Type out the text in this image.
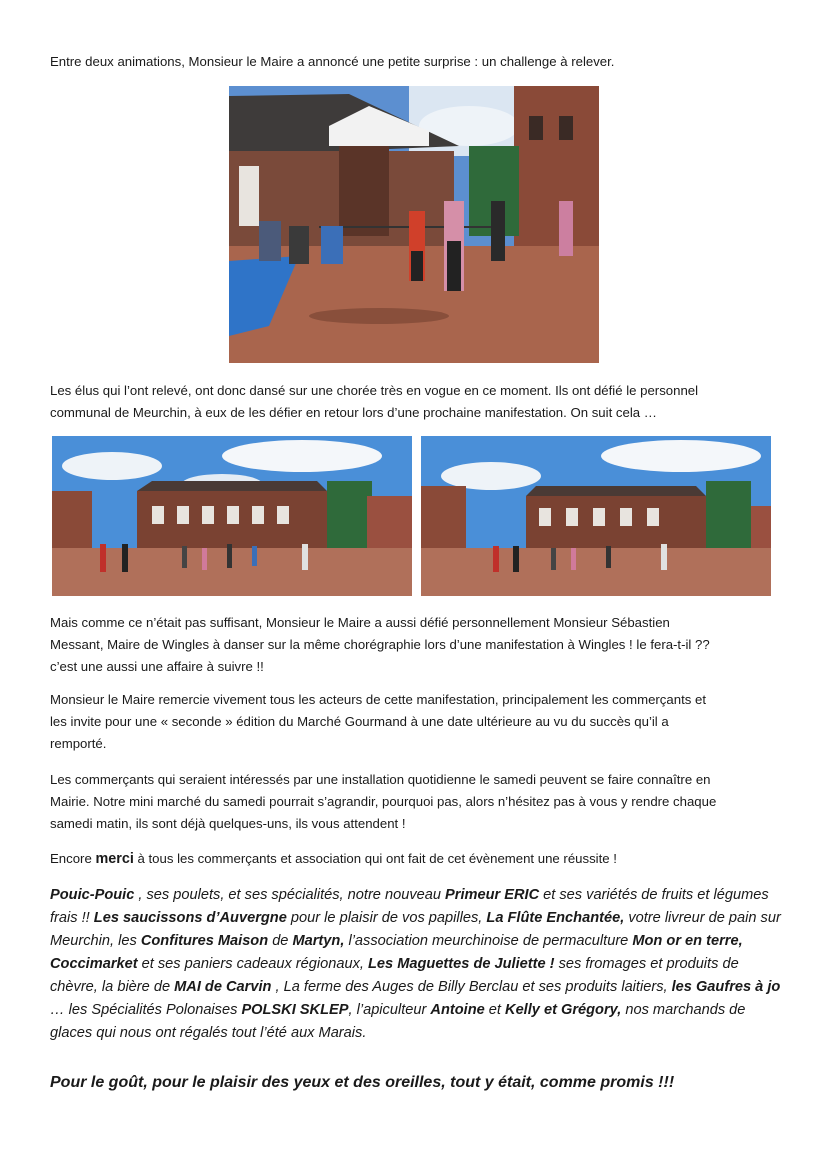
Entre deux animations, Monsieur le Maire a annoncé une petite surprise : un challenge à relever.

Les élus qui l’ont relevé, ont donc dansé sur une chorée très en vogue en ce moment. Ils ont défié le personnel
communal de Meurchin, à eux de les défier en retour lors d’une prochaine manifestation. On suit cela …

Mais comme ce n’était pas suffisant, Monsieur le Maire a aussi défié personnellement Monsieur Sébastien
Messant, Maire de Wingles à danser sur la même chorégraphie lors d’une manifestation à Wingles ! le fera-t-il ??
c’est une aussi une affaire à suivre !!

Monsieur le Maire remercie vivement tous les acteurs de cette manifestation, principalement les commerçants et
les invite pour une « seconde » édition du Marché Gourmand à une date ultérieure au vu du succès qu’il a
remporté.

Les commerçants qui seraient intéressés par une installation quotidienne le samedi peuvent se faire connaître en
Mairie. Notre mini marché du samedi pourrait s’agrandir, pourquoi pas, alors n’hésitez pas à vous y rendre chaque
samedi matin, ils sont déjà quelques-uns, ils vous attendent !

Encore merci à tous les commerçants et association qui ont fait de cet évènement une réussite !

Pouic-Pouic , ses poulets, et ses spécialités, notre nouveau Primeur ERIC et ses variétés de fruits et légumes frais !! Les saucissons d’Auvergne pour le plaisir de vos papilles, La Flûte Enchantée, votre livreur de pain sur Meurchin, les Confitures Maison de Martyn, l’association meurchinoise de permaculture Mon or en terre, Coccimarket et ses paniers cadeaux régionaux, Les Maguettes de Juliette ! ses fromages et produits de chèvre, la bière de MAI de Carvin , La ferme des Auges de Billy Berclau et ses produits laitiers, les Gaufres à jo … les Spécialités Polonaises POLSKI SKLEP, l’apiculteur Antoine et Kelly et Grégory, nos marchands de glaces qui nous ont régalés tout l’été aux Marais.

Pour le goût, pour le plaisir des yeux et des oreilles, tout y était, comme promis !!!
